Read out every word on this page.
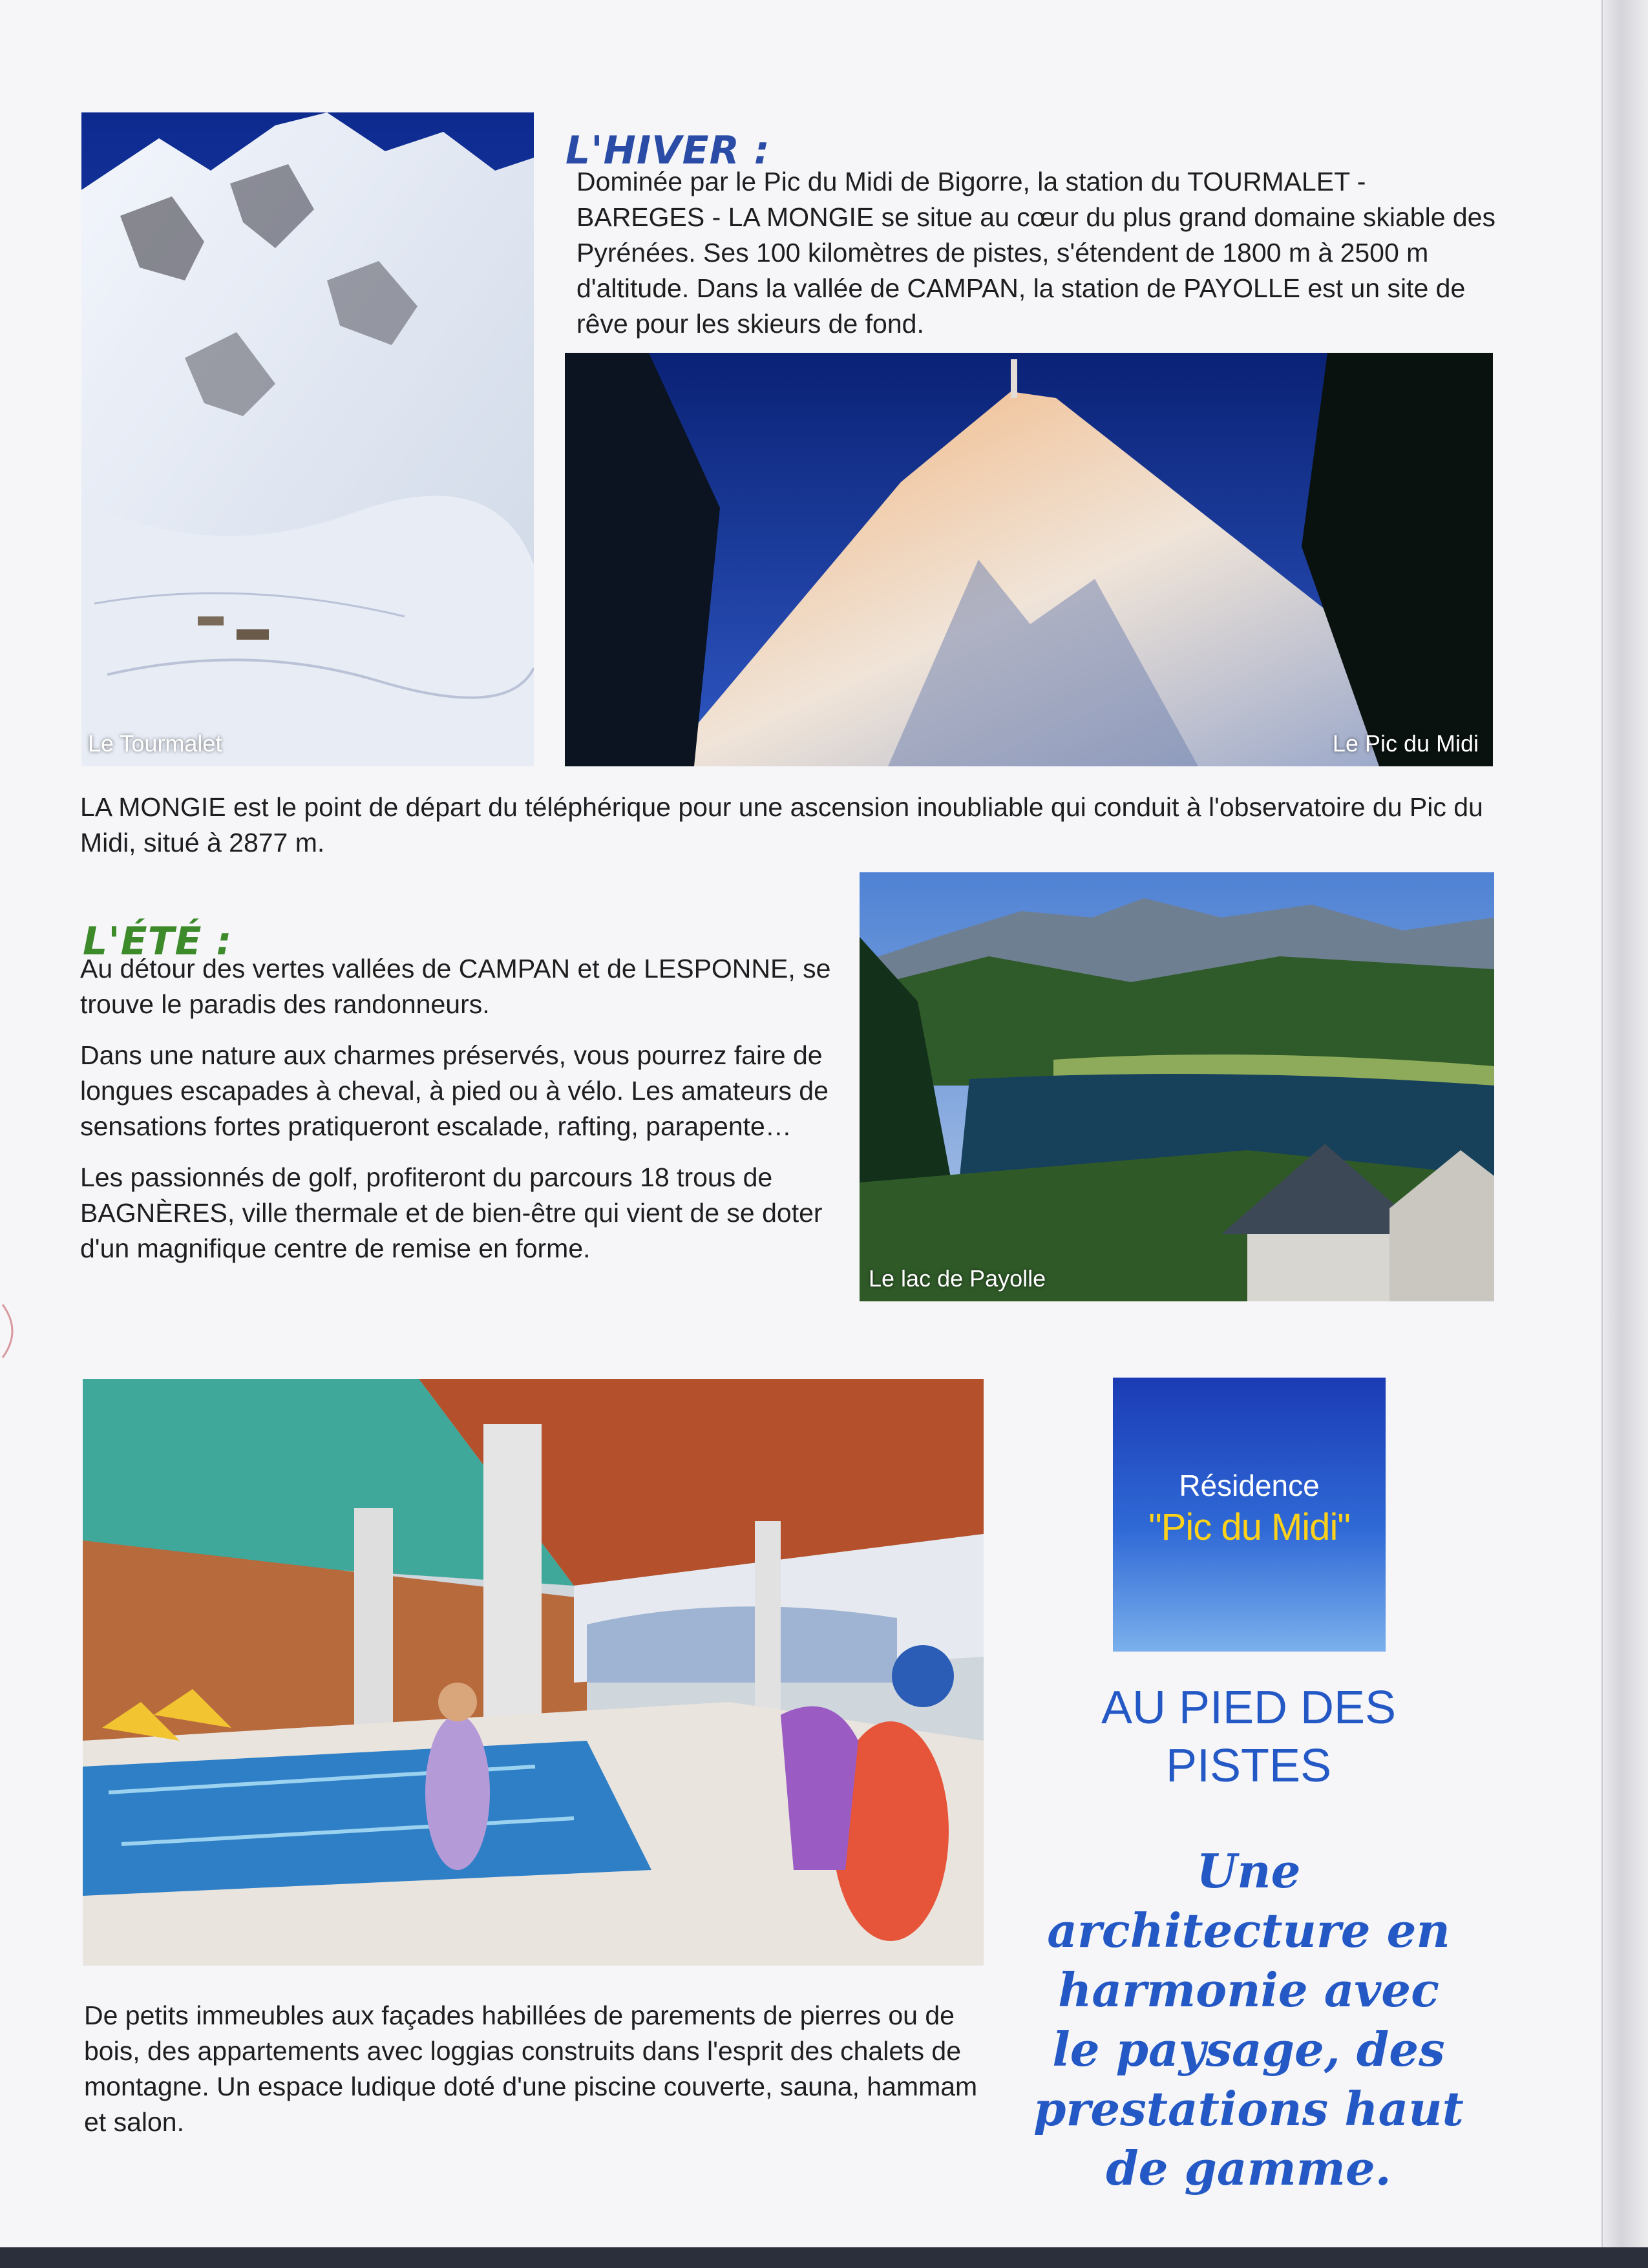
Le Tourmalet
L'HIVER :

Dominée par le Pic du Midi de Bigorre, la station du TOURMALET - BAREGES - LA MONGIE se situe au cœur du plus grand domaine skiable des Pyrénées. Ses 100 kilomètres de pistes, s'étendent de 1800 m à 2500 m d'altitude. Dans la vallée de CAMPAN, la station de PAYOLLE est un site de rêve pour les skieurs de fond.

Le Pic du Midi

LA MONGIE est le point de départ du téléphérique pour une ascension inoubliable qui conduit à l'observatoire du Pic du Midi, situé à 2877 m.

L'ÉTÉ :

Au détour des vertes vallées de CAMPAN et de LESPONNE, se trouve le paradis des randonneurs.

Dans une nature aux charmes préservés, vous pourrez faire de longues escapades à cheval, à pied ou à vélo. Les amateurs de sensations fortes pratiqueront escalade, rafting, parapente…

Les passionnés de golf, profiteront du parcours 18 trous de BAGNÈRES, ville thermale et de bien-être qui vient de se doter d'un magnifique centre de remise en forme.

Le lac de Payolle

De petits immeubles aux façades habillées de parements de pierres ou de bois, des appartements avec loggias construits dans l'esprit des chalets de montagne. Un espace ludique doté d'une piscine couverte, sauna, hammam et salon.

Résidence
"Pic du Midi"
AU PIED DES PISTES
Une architecture en harmonie avec le paysage, des prestations haut de gamme.
